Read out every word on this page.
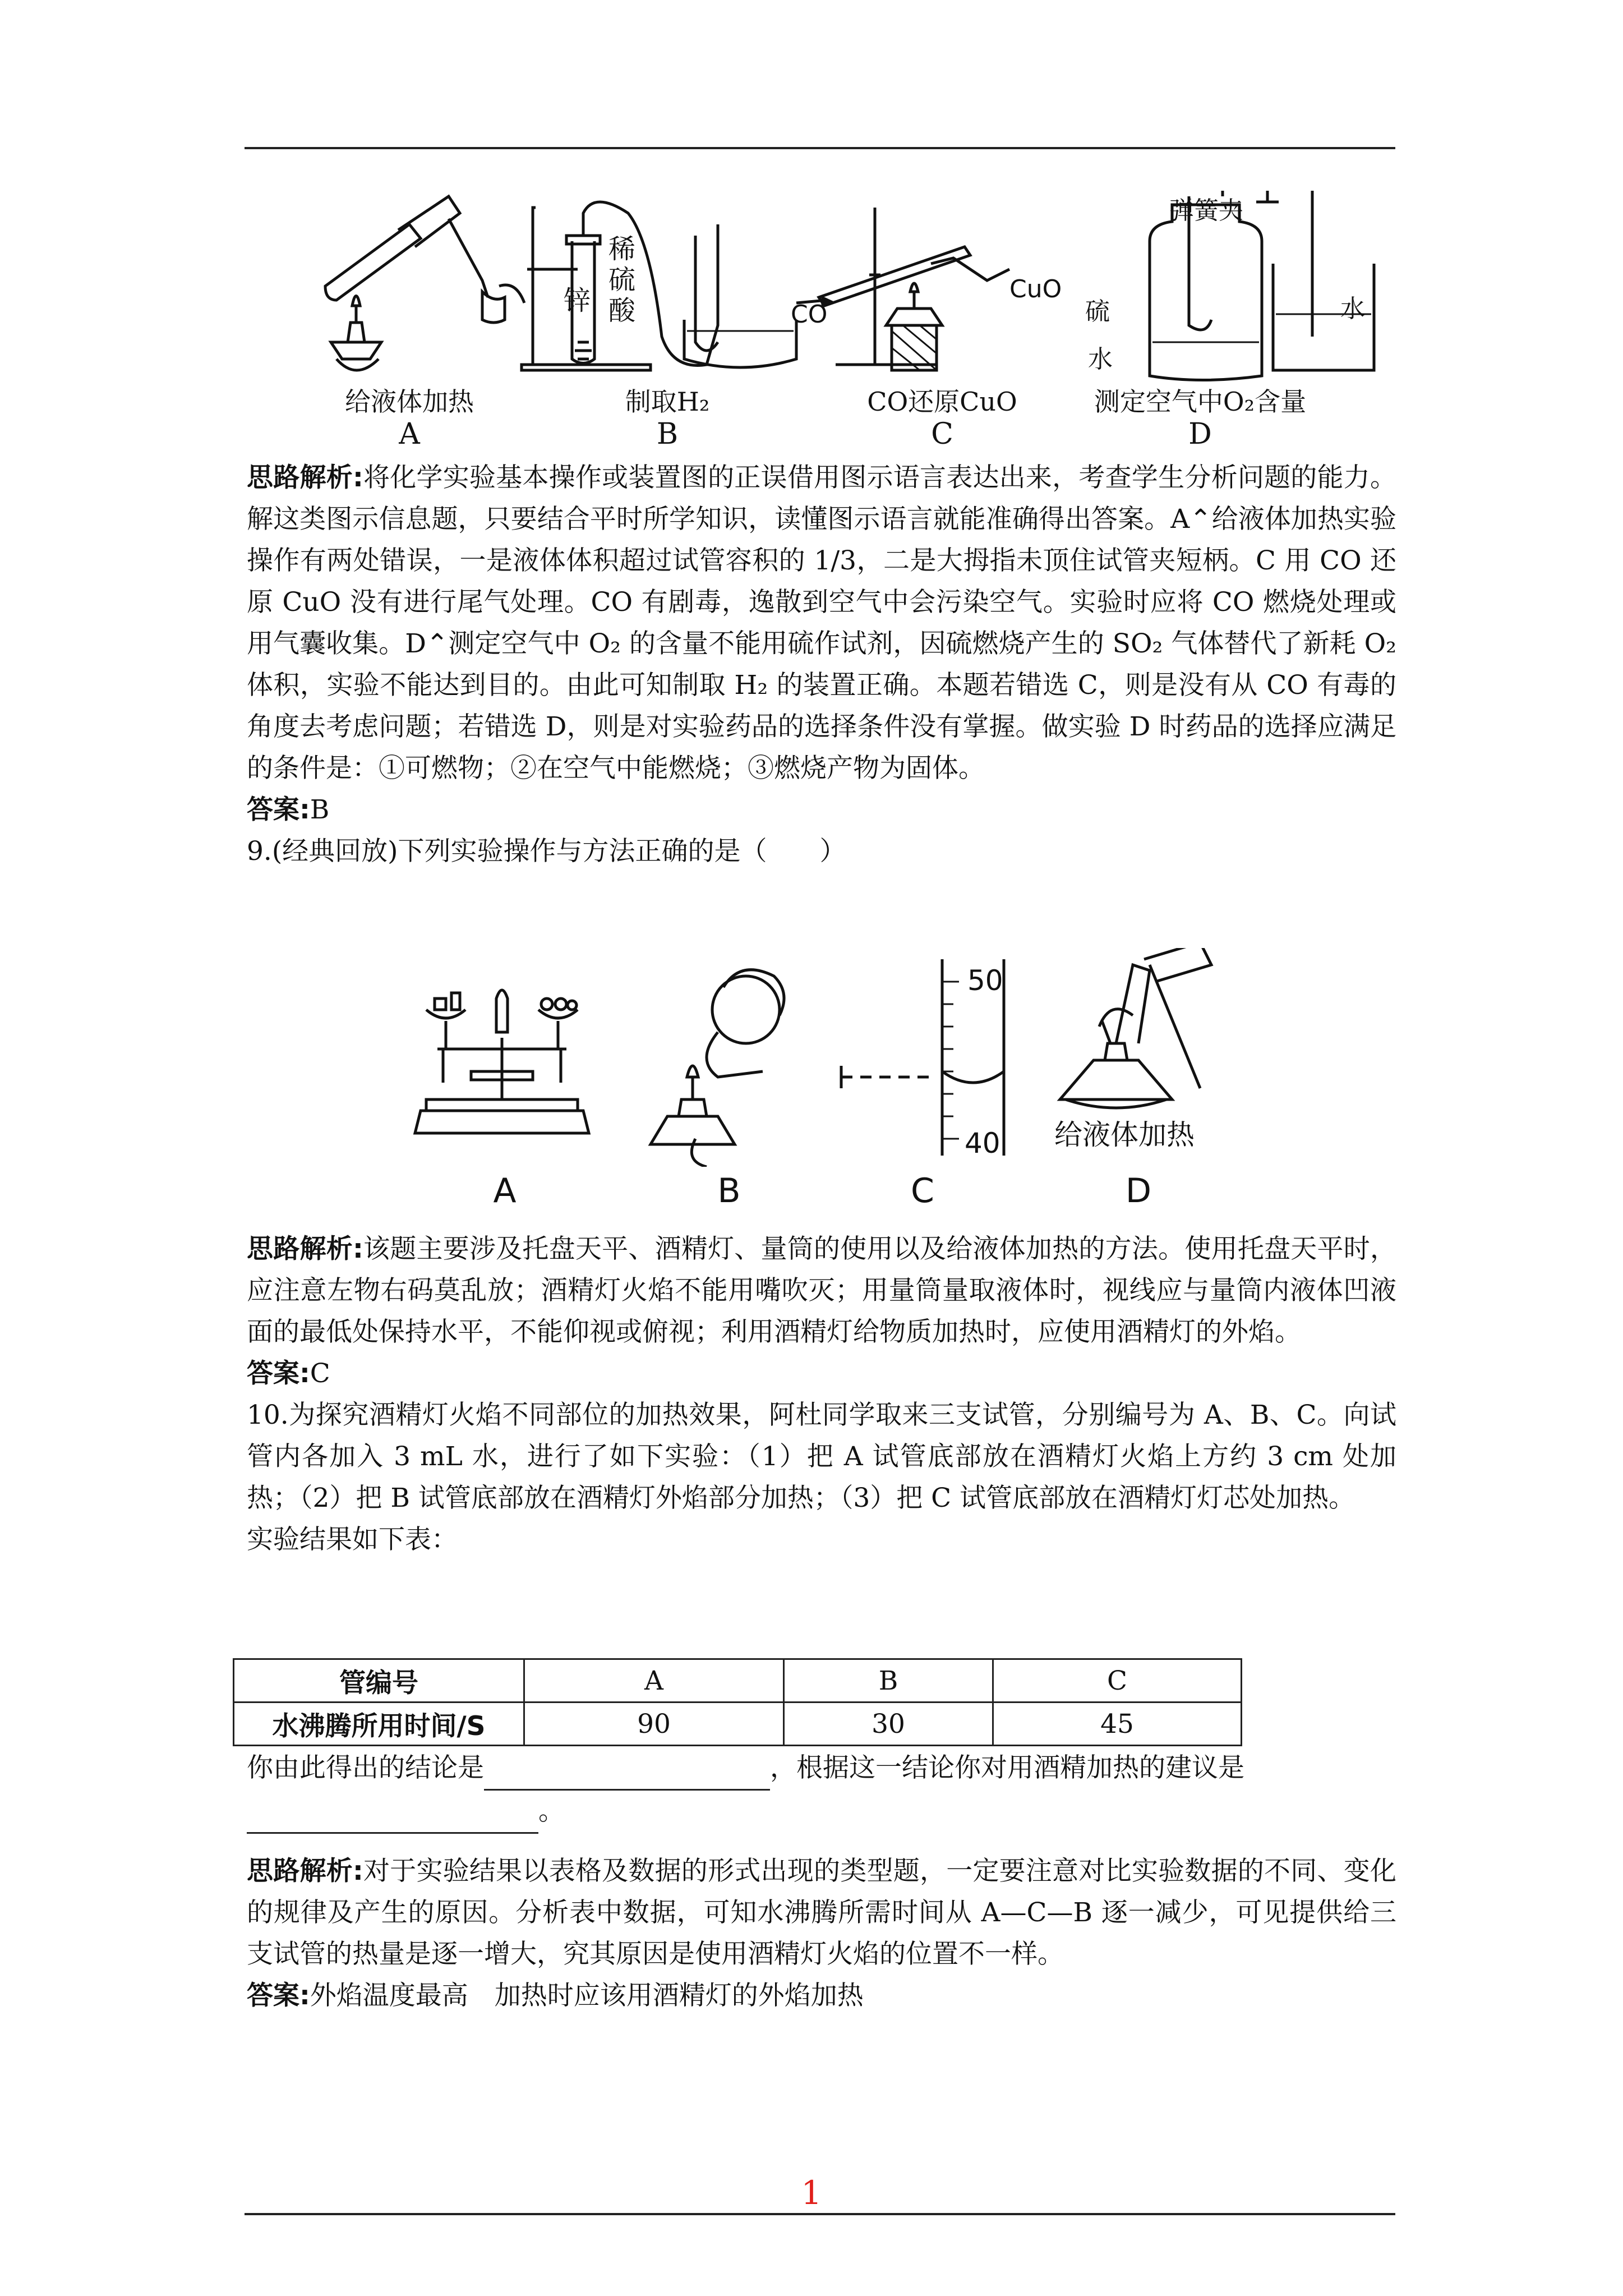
锌
稀
硫
酸	CO
CuO
弹簧夹
硫
水
水
给液体加热	制取H₂	CO还原CuO	测定空气中O₂含量
A	B	C	D

思路解析:将化学实验基本操作或装置图的正误借用图示语言表达出来，考查学生分析问题的能力。解这类图示信息题，只要结合平时所学知识，读懂图示语言就能准确得出答案。A⌃给液体加热实验操作有两处错误，一是液体体积超过试管容积的 1/3，二是大拇指未顶住试管夹短柄。C 用 CO 还原 CuO 没有进行尾气处理。CO 有剧毒，逸散到空气中会污染空气。实验时应将 CO 燃烧处理或用气囊收集。D⌃测定空气中 O₂ 的含量不能用硫作试剂，因硫燃烧产生的 SO₂ 气体替代了新耗 O₂ 体积，实验不能达到目的。由此可知制取 H₂ 的装置正确。本题若错选 C，则是没有从 CO 有毒的角度去考虑问题；若错选 D，则是对实验药品的选择条件没有掌握。做实验 D 时药品的选择应满足的条件是：①可燃物；②在空气中能燃烧；③燃烧产物为固体。

答案:B

9.(经典回放)下列实验操作与方法正确的是（　　）

50
40 给液体加热
A	B	C	D

思路解析:该题主要涉及托盘天平、酒精灯、量筒的使用以及给液体加热的方法。使用托盘天平时，应注意左物右码莫乱放；酒精灯火焰不能用嘴吹灭；用量筒量取液体时，视线应与量筒内液体凹液面的最低处保持水平，不能仰视或俯视；利用酒精灯给物质加热时，应使用酒精灯的外焰。

答案:C

10.为探究酒精灯火焰不同部位的加热效果，阿杜同学取来三支试管，分别编号为 A、B、C。向试管内各加入 3 mL 水，进行了如下实验：（1）把 A 试管底部放在酒精灯火焰上方约 3 cm 处加热；（2）把 B 试管底部放在酒精灯外焰部分加热；（3）把 C 试管底部放在酒精灯灯芯处加热。

实验结果如下表：

管编号	A	B	C
水沸腾所用时间/S	90	30	45

你由此得出的结论是	，根据这一结论你对用酒精加热的建议是
。

思路解析:对于实验结果以表格及数据的形式出现的类型题，一定要注意对比实验数据的不同、变化的规律及产生的原因。分析表中数据，可知水沸腾所需时间从 A—C—B 逐一减少，可见提供给三支试管的热量是逐一增大，究其原因是使用酒精灯火焰的位置不一样。

答案:外焰温度最高　加热时应该用酒精灯的外焰加热

1
